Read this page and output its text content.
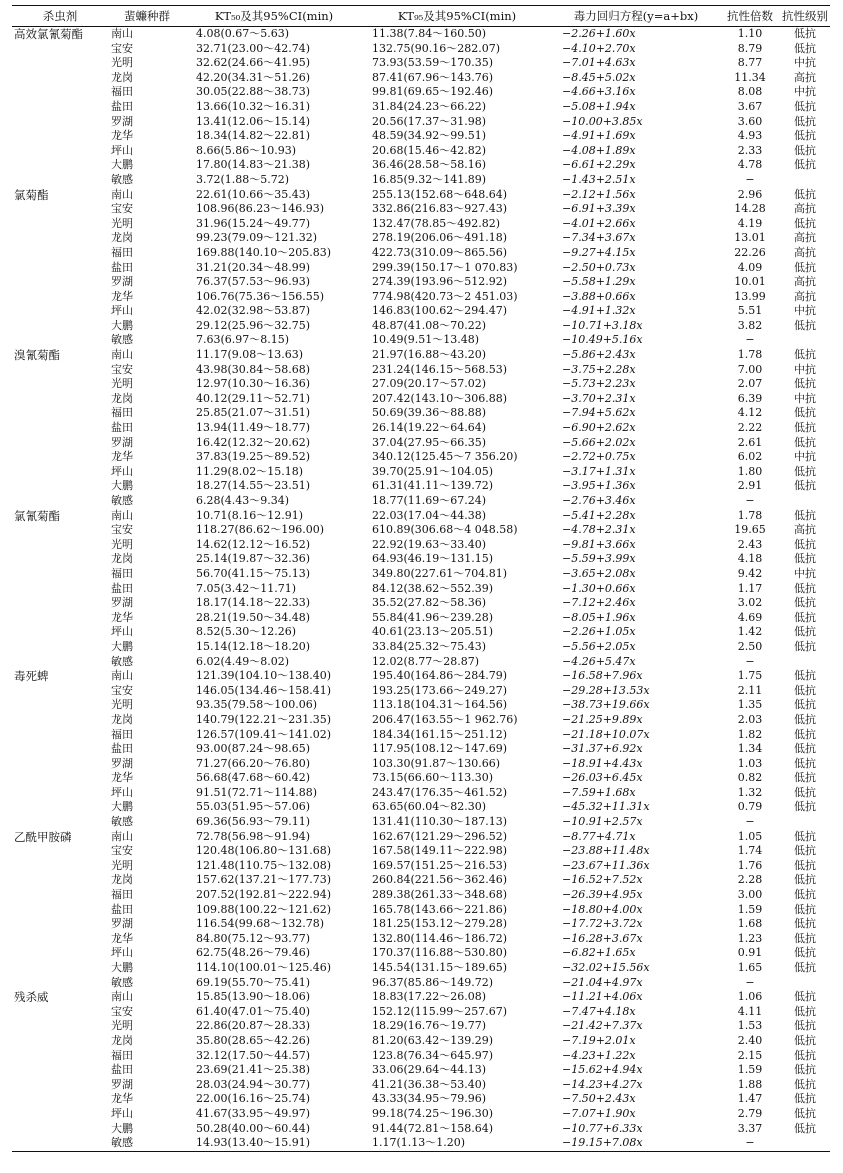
杀虫剂	蜚蠊种群	KT₅₀及其95%CI(min)	KT₉₅及其95%CI(min)	毒力回归方程(y=a+bx)	抗性倍数	抗性级别
高效氯氰菊酯	南山	4.08(0.67～5.63)	11.38(7.84～160.50)	−2.26+1.60x	1.10	低抗
	宝安	32.71(23.00～42.74)	132.75(90.16～282.07)	−4.10+2.70x	8.79	低抗
	光明	32.62(24.66～41.95)	73.93(53.59～170.35)	−7.01+4.63x	8.77	中抗
	龙岗	42.20(34.31～51.26)	87.41(67.96～143.76)	−8.45+5.02x	11.34	高抗
	福田	30.05(22.88～38.73)	99.81(69.65～192.46)	−4.66+3.16x	8.08	中抗
	盐田	13.66(10.32～16.31)	31.84(24.23～66.22)	−5.08+1.94x	3.67	低抗
	罗湖	13.41(12.06～15.14)	20.56(17.37～31.98)	−10.00+3.85x	3.60	低抗
	龙华	18.34(14.82～22.81)	48.59(34.92～99.51)	−4.91+1.69x	4.93	低抗
	坪山	8.66(5.86～10.93)	20.68(15.46～42.82)	−4.08+1.89x	2.33	低抗
	大鹏	17.80(14.83～21.38)	36.46(28.58～58.16)	−6.61+2.29x	4.78	低抗
	敏感	3.72(1.88～5.72)	16.85(9.32～141.89)	−1.43+2.51x	−	
氯菊酯	南山	22.61(10.66～35.43)	255.13(152.68～648.64)	−2.12+1.56x	2.96	低抗
	宝安	108.96(86.23～146.93)	332.86(216.83～927.43)	−6.91+3.39x	14.28	高抗
	光明	31.96(15.24～49.77)	132.47(78.85～492.82)	−4.01+2.66x	4.19	低抗
	龙岗	99.23(79.09～121.32)	278.19(206.06～491.18)	−7.34+3.67x	13.01	高抗
	福田	169.88(140.10～205.83)	422.73(310.09～865.56)	−9.27+4.15x	22.26	高抗
	盐田	31.21(20.34～48.99)	299.39(150.17～1 070.83)	−2.50+0.73x	4.09	低抗
	罗湖	76.37(57.53～96.93)	274.39(193.96～512.92)	−5.58+1.29x	10.01	高抗
	龙华	106.76(75.36～156.55)	774.98(420.73～2 451.03)	−3.88+0.66x	13.99	高抗
	坪山	42.02(32.98～53.87)	146.83(100.62～294.47)	−4.91+1.32x	5.51	中抗
	大鹏	29.12(25.96～32.75)	48.87(41.08～70.22)	−10.71+3.18x	3.82	低抗
	敏感	7.63(6.97～8.15)	10.49(9.51～13.48)	−10.49+5.16x	−	
溴氰菊酯	南山	11.17(9.08～13.63)	21.97(16.88～43.20)	−5.86+2.43x	1.78	低抗
	宝安	43.98(30.84～58.68)	231.24(146.15～568.53)	−3.75+2.28x	7.00	中抗
	光明	12.97(10.30～16.36)	27.09(20.17～57.02)	−5.73+2.23x	2.07	低抗
	龙岗	40.12(29.11～52.71)	207.42(143.10～306.88)	−3.70+2.31x	6.39	中抗
	福田	25.85(21.07～31.51)	50.69(39.36～88.88)	−7.94+5.62x	4.12	低抗
	盐田	13.94(11.49～18.77)	26.14(19.22～64.64)	−6.90+2.62x	2.22	低抗
	罗湖	16.42(12.32～20.62)	37.04(27.95～66.35)	−5.66+2.02x	2.61	低抗
	龙华	37.83(19.25～89.52)	340.12(125.45～7 356.20)	−2.72+0.75x	6.02	中抗
	坪山	11.29(8.02～15.18)	39.70(25.91～104.05)	−3.17+1.31x	1.80	低抗
	大鹏	18.27(14.55～23.51)	61.31(41.11～139.72)	−3.95+1.36x	2.91	低抗
	敏感	6.28(4.43～9.34)	18.77(11.69～67.24)	−2.76+3.46x	−	
氯氰菊酯	南山	10.71(8.16～12.91)	22.03(17.04～44.38)	−5.41+2.28x	1.78	低抗
	宝安	118.27(86.62～196.00)	610.89(306.68～4 048.58)	−4.78+2.31x	19.65	高抗
	光明	14.62(12.12～16.52)	22.92(19.63～33.40)	−9.81+3.66x	2.43	低抗
	龙岗	25.14(19.87～32.36)	64.93(46.19～131.15)	−5.59+3.99x	4.18	低抗
	福田	56.70(41.15～75.13)	349.80(227.61～704.81)	−3.65+2.08x	9.42	中抗
	盐田	7.05(3.42～11.71)	84.12(38.62～552.39)	−1.30+0.66x	1.17	低抗
	罗湖	18.17(14.18～22.33)	35.52(27.82～58.36)	−7.12+2.46x	3.02	低抗
	龙华	28.21(19.50～34.48)	55.84(41.96～239.28)	−8.05+1.96x	4.69	低抗
	坪山	8.52(5.30～12.26)	40.61(23.13～205.51)	−2.26+1.05x	1.42	低抗
	大鹏	15.14(12.18～18.20)	33.84(25.32～75.43)	−5.56+2.05x	2.50	低抗
	敏感	6.02(4.49～8.02)	12.02(8.77～28.87)	−4.26+5.47x	−	
毒死蜱	南山	121.39(104.10～138.40)	195.40(164.86～284.79)	−16.58+7.96x	1.75	低抗
	宝安	146.05(134.46～158.41)	193.25(173.66～249.27)	−29.28+13.53x	2.11	低抗
	光明	93.35(79.58～100.06)	113.18(104.31～164.56)	−38.73+19.66x	1.35	低抗
	龙岗	140.79(122.21～231.35)	206.47(163.55～1 962.76)	−21.25+9.89x	2.03	低抗
	福田	126.57(109.41～141.02)	184.34(161.15～251.12)	−21.18+10.07x	1.82	低抗
	盐田	93.00(87.24～98.65)	117.95(108.12～147.69)	−31.37+6.92x	1.34	低抗
	罗湖	71.27(66.20～76.80)	103.30(91.87～130.66)	−18.91+4.43x	1.03	低抗
	龙华	56.68(47.68～60.42)	73.15(66.60～113.30)	−26.03+6.45x	0.82	低抗
	坪山	91.51(72.71～114.88)	243.47(176.35～461.52)	−7.59+1.68x	1.32	低抗
	大鹏	55.03(51.95～57.06)	63.65(60.04～82.30)	−45.32+11.31x	0.79	低抗
	敏感	69.36(56.93～79.11)	131.41(110.30～187.13)	−10.91+2.57x	−	
乙酰甲胺磷	南山	72.78(56.98～91.94)	162.67(121.29～296.52)	−8.77+4.71x	1.05	低抗
	宝安	120.48(106.80～131.68)	167.58(149.11～222.98)	−23.88+11.48x	1.74	低抗
	光明	121.48(110.75～132.08)	169.57(151.25～216.53)	−23.67+11.36x	1.76	低抗
	龙岗	157.62(137.21～177.73)	260.84(221.56～362.46)	−16.52+7.52x	2.28	低抗
	福田	207.52(192.81～222.94)	289.38(261.33～348.68)	−26.39+4.95x	3.00	低抗
	盐田	109.88(100.22～121.62)	165.78(143.66～221.86)	−18.80+4.00x	1.59	低抗
	罗湖	116.54(99.68～132.78)	181.25(153.12～279.28)	−17.72+3.72x	1.68	低抗
	龙华	84.80(75.12～93.77)	132.80(114.46～186.72)	−16.28+3.67x	1.23	低抗
	坪山	62.75(48.26～79.46)	170.37(116.88～530.80)	−6.82+1.65x	0.91	低抗
	大鹏	114.10(100.01～125.46)	145.54(131.15～189.65)	−32.02+15.56x	1.65	低抗
	敏感	69.19(55.70～75.41)	96.37(85.86～149.72)	−21.04+4.97x	−	
残杀威	南山	15.85(13.90～18.06)	18.83(17.22～26.08)	−11.21+4.06x	1.06	低抗
	宝安	61.40(47.01～75.40)	152.12(115.99～257.67)	−7.47+4.18x	4.11	低抗
	光明	22.86(20.87～28.33)	18.29(16.76～19.77)	−21.42+7.37x	1.53	低抗
	龙岗	35.80(28.65～42.26)	81.20(63.42～139.29)	−7.19+2.01x	2.40	低抗
	福田	32.12(17.50～44.57)	123.8(76.34～645.97)	−4.23+1.22x	2.15	低抗
	盐田	23.69(21.41～25.38)	33.06(29.64～44.13)	−15.62+4.94x	1.59	低抗
	罗湖	28.03(24.94～30.77)	41.21(36.38～53.40)	−14.23+4.27x	1.88	低抗
	龙华	22.00(16.16～25.74)	43.33(34.95～79.96)	−7.50+2.43x	1.47	低抗
	坪山	41.67(33.95～49.97)	99.18(74.25～196.30)	−7.07+1.90x	2.79	低抗
	大鹏	50.28(40.00～60.44)	91.44(72.81～158.64)	−10.77+6.33x	3.37	低抗
	敏感	14.93(13.40～15.91)	1.17(1.13～1.20)	−19.15+7.08x	−	
